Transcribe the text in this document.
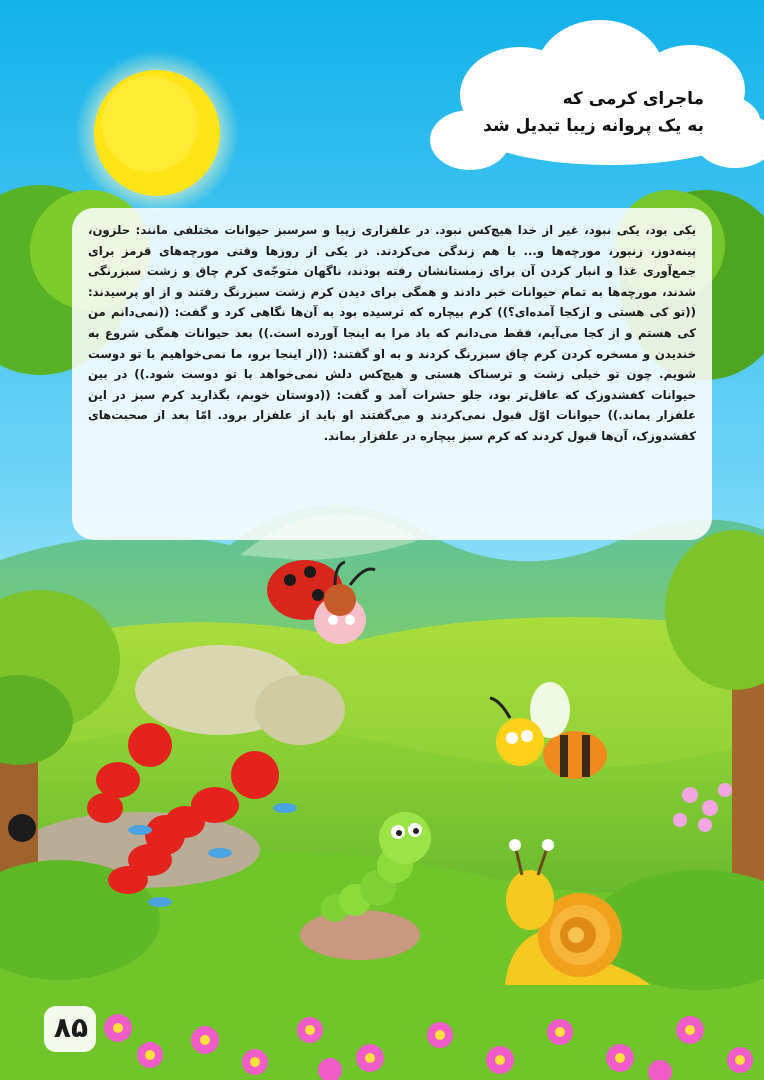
ماجرای کرمی که
به یک پروانه زیبا تبدیل شد

یکی بود، یکی نبود، غیر از خدا هیچ‌کس نبود. در علفزاری زیبا و سرسبز حیوانات مختلفی مانند: حلزون، پینه‌دوز، زنبور، مورچه‌ها و... با هم زندگی می‌کردند. در یکی از روزها وقتی مورچه‌های قرمز برای جمع‌آوری غذا و انبار کردن آن برای زمستانشان رفته بودند، ناگهان متوجّه‌ی کرم چاق و زشت سبزرنگی شدند، مورچه‌ها به تمام حیوانات خبر دادند و همگی برای دیدن کرم زشت سبزرنگ رفتند و از او پرسیدند: ((تو کی هستی و ازکجا آمده‌ای؟)) کرم بیچاره که ترسیده بود به آن‌ها نگاهی کرد و گفت: ((نمی‌دانم من کی هستم و از کجا می‌آیم، فقط می‌دانم که باد مرا به اینجا آورده است.)) بعد حیوانات همگی شروع به خندیدن و مسخره کردن کرم چاق سبزرنگ کردند و به او گفتند: ((از اینجا برو، ما نمی‌خواهیم با تو دوست شویم. چون تو خیلی زشت و ترسناک هستی و هیچ‌کس دلش نمی‌خواهد با تو دوست شود.)) در بین حیوانات کفشدوزک که عاقل‌تر بود، جلو حشرات آمد و گفت: ((دوستان خوبم، بگذارید کرم سبز در این علفزار بماند.)) حیوانات اوّل قبول نمی‌کردند و می‌گفتند او باید از علفزار برود. امّا بعد از صحبت‌های کفشدوزک، آن‌ها قبول کردند که کرم سبز بیچاره در علفزار بماند.

۸۵
